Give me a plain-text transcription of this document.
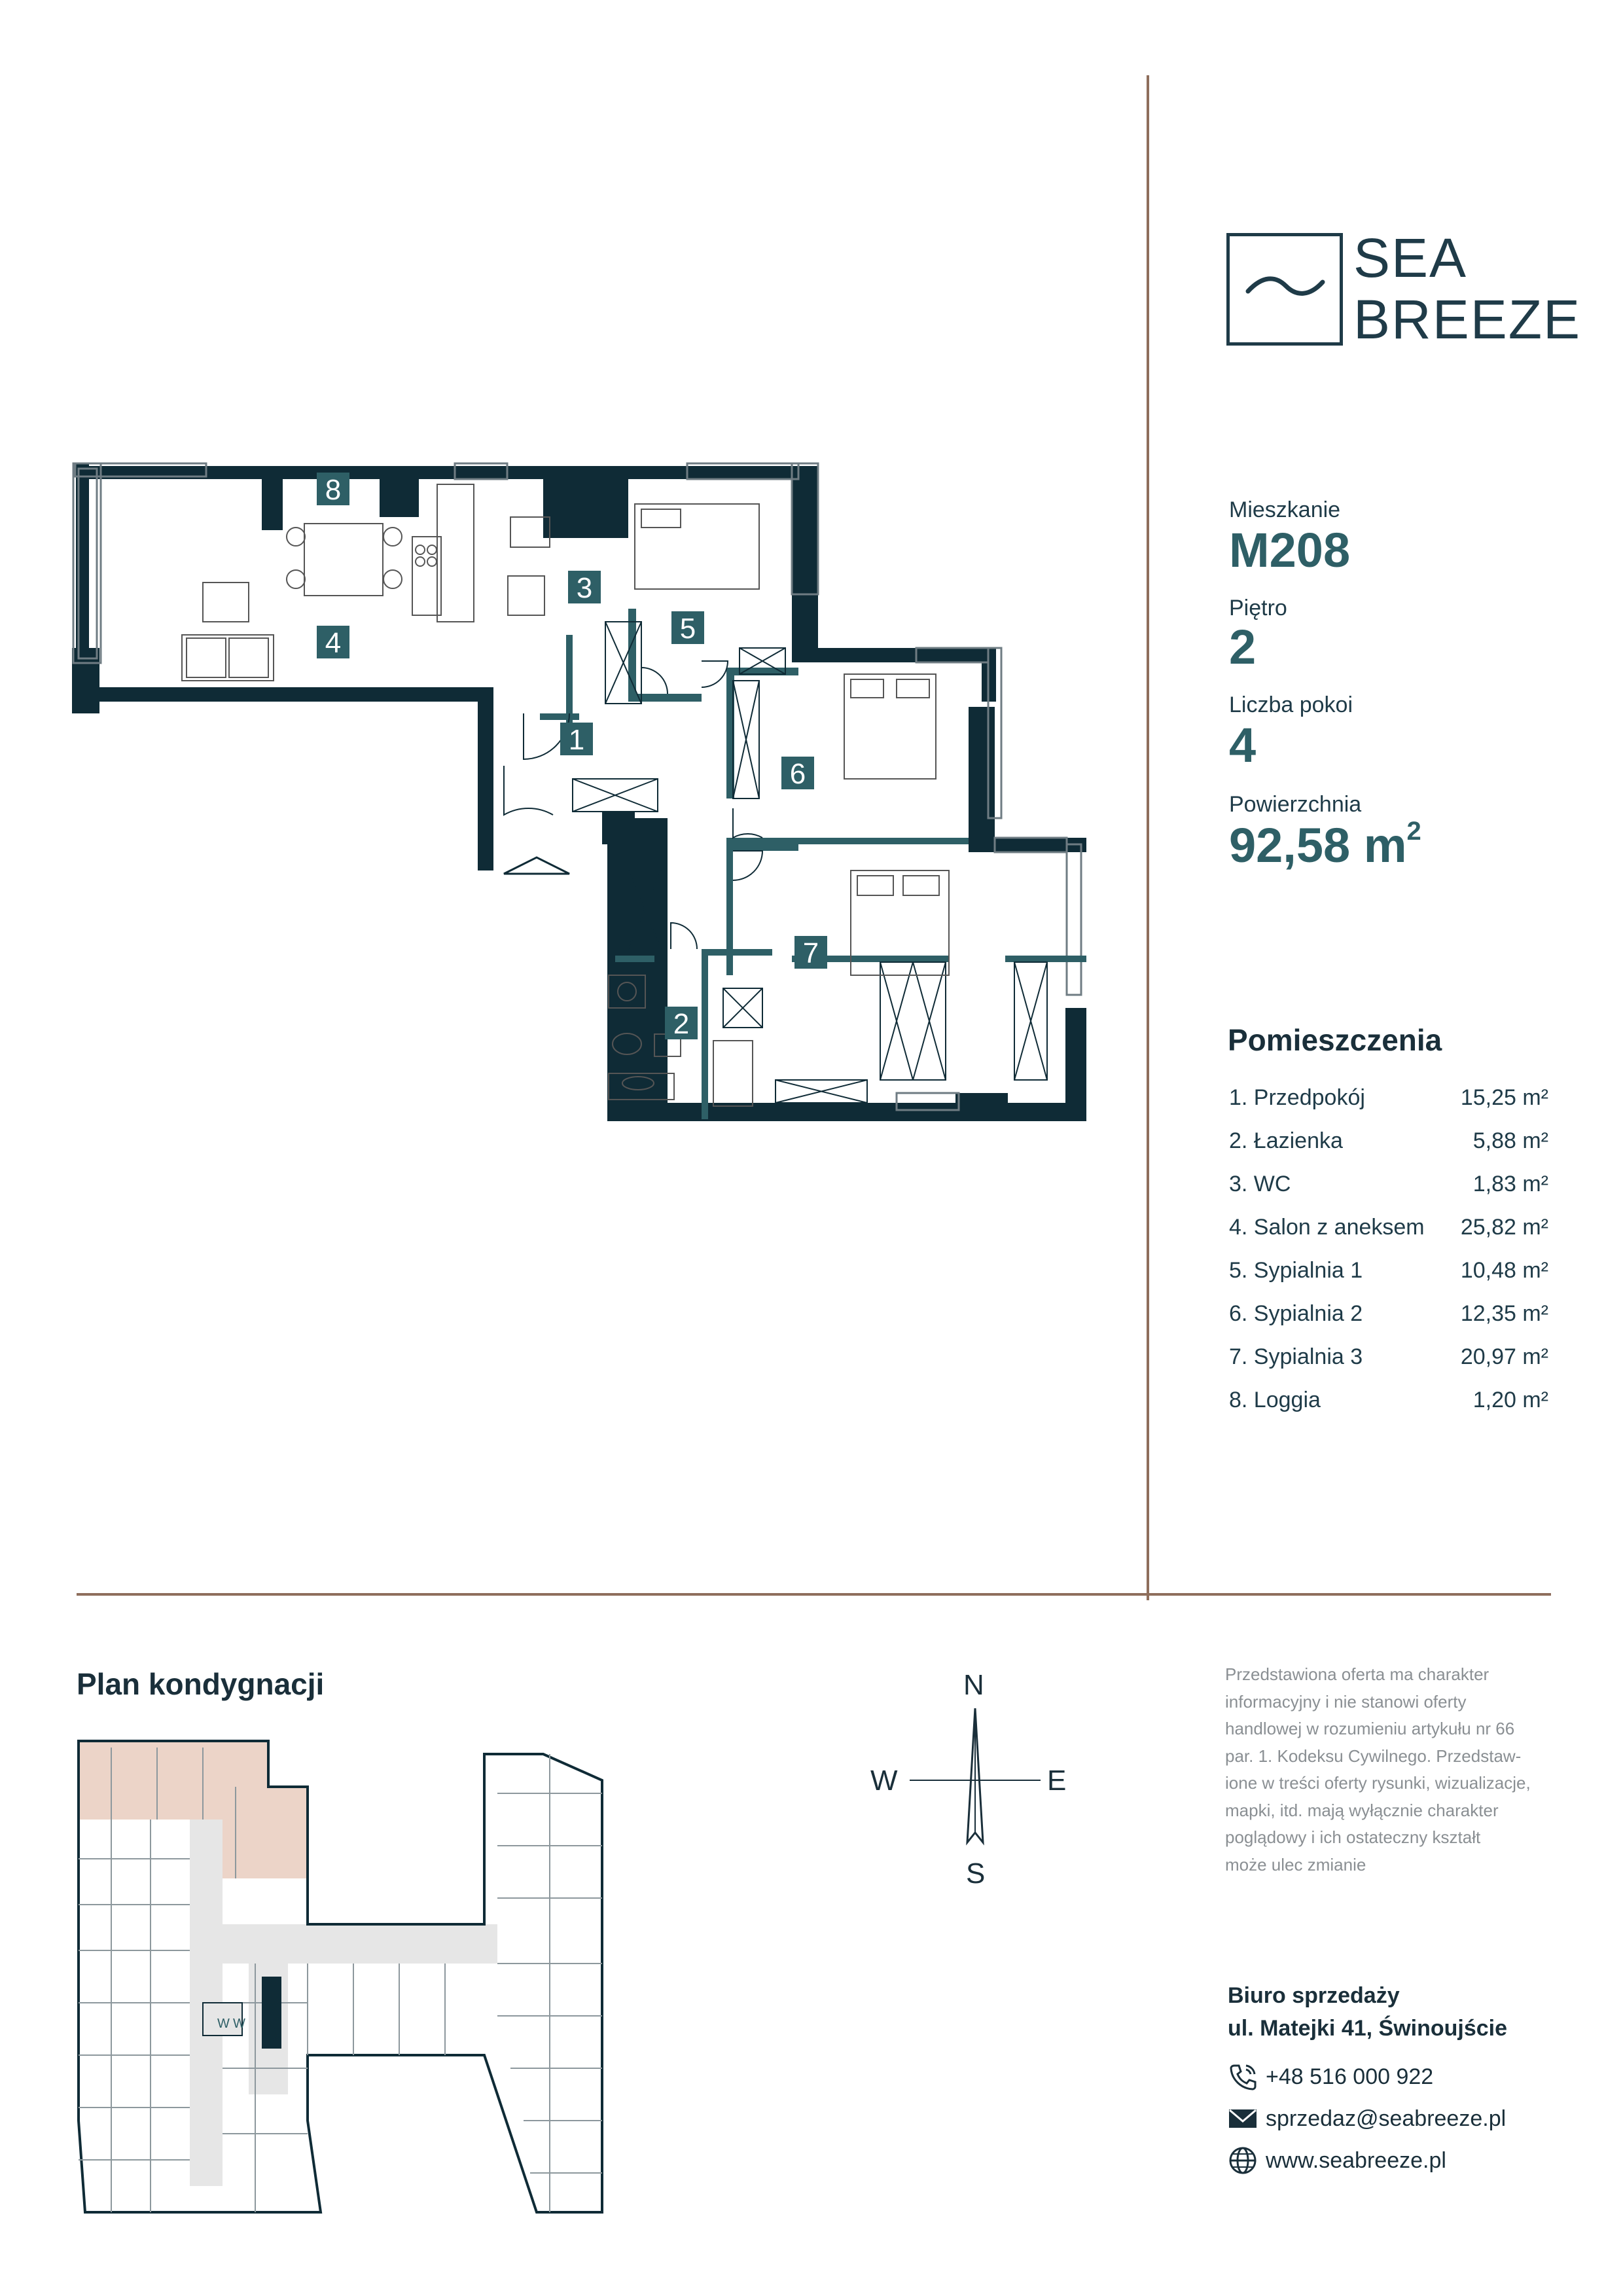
SEA
BREEZE
Mieszkanie
M208
Piętro
2
Liczba pokoi
4
Powierzchnia
92,58 $m^2$
Pomieszczenia
1. Przedpokój	15,25 m²
2. Łazienka	5,88 m²
3. WC	1,83 m²
4. Salon z aneksem 25,82 m²
5. Sypialnia 1	10,48 m²
6. Sypialnia 2	12,35 m²
7. Sypialnia 3	20,97 m²
8. Loggia	1,20 m²
1
2
3
4	5
6
7
8
Plan kondygnacji
W W
N
S
W	E
Przedstawiona oferta ma charakter
informacyjny i nie stanowi oferty
handlowej w rozumieniu artykułu nr 66
par. 1. Kodeksu Cywilnego. Przedstaw-
ione w treści oferty rysunki, wizualizacje,
mapki, itd. mają wyłącznie charakter
poglądowy i ich ostateczny kształt
może ulec zmianie
Biuro sprzedaży
ul. Matejki 41, Świnoujście
+48 516 000 922
sprzedaz@seabreeze.pl
www.seabreeze.pl
